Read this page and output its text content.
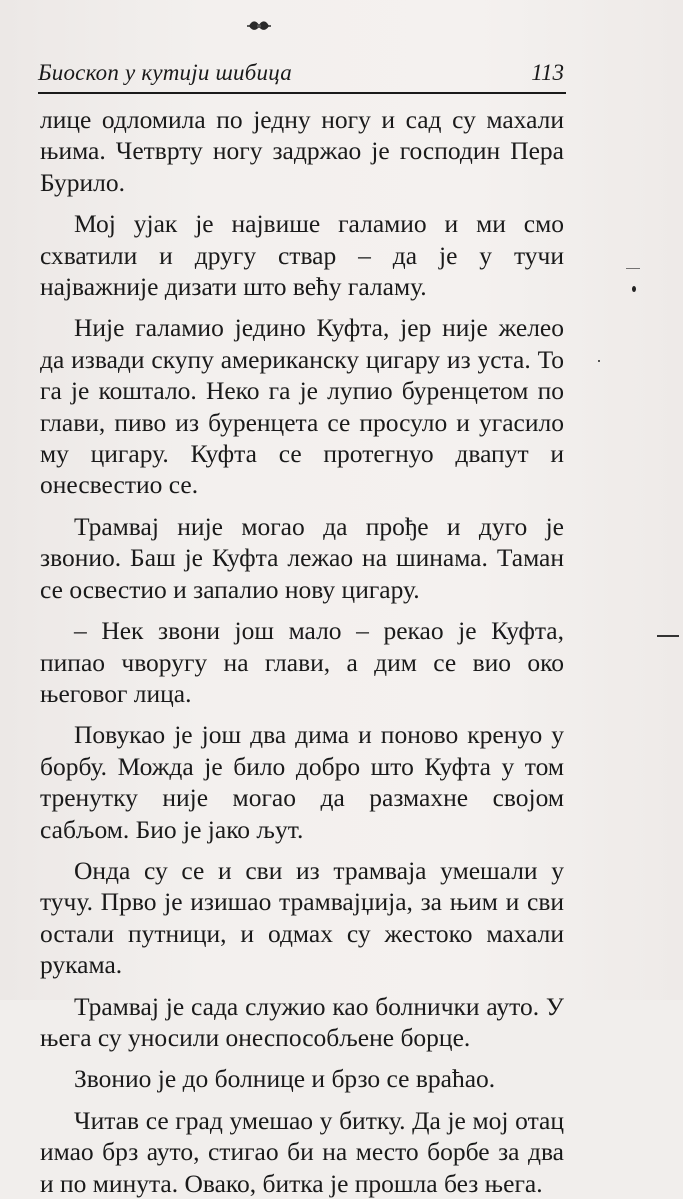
Биоскоп у кутији шибица	113

лице одломила по једну ногу и сад су махали њима. Четврту ногу задржао је господин Пера Бурило.

Мој ујак је највише галамио и ми смо схватили и другу ствар – да је у тучи најважније дизати што већу галаму.

Није галамио једино Куфта, јер није желео да извади скупу американску цигару из уста. То га је коштало. Неко га је лупио буренцетом по глави, пиво из буренцета се просуло и угасило му цигару. Куфта се протегнуо двапут и онесвестио се.

Трамвај није могао да прође и дуго је звонио. Баш је Куфта лежао на шинама. Таман се освестио и запалио нову цигару.

– Нек звони још мало – рекао је Куфта, пипао чворугу на глави, а дим се вио око његовог лица.

Повукао је још два дима и поново кренуо у борбу. Можда је било добро што Куфта у том тренутку није могао да размахне својом сабљом. Био је јако љут.

Онда су се и сви из трамваја умешали у тучу. Прво је изишао трамвајџија, за њим и сви остали путници, и одмах су жестоко махали рукама.

Трамвај је сада служио као болнички ауто. У њега су уносили онеспособљене борце.

Звонио је до болнице и брзо се враћао.

Читав се град умешао у битку. Да је мој отац имао брз ауто, стигао би на место борбе за два и по минута. Овако, битка је прошла без њега.
